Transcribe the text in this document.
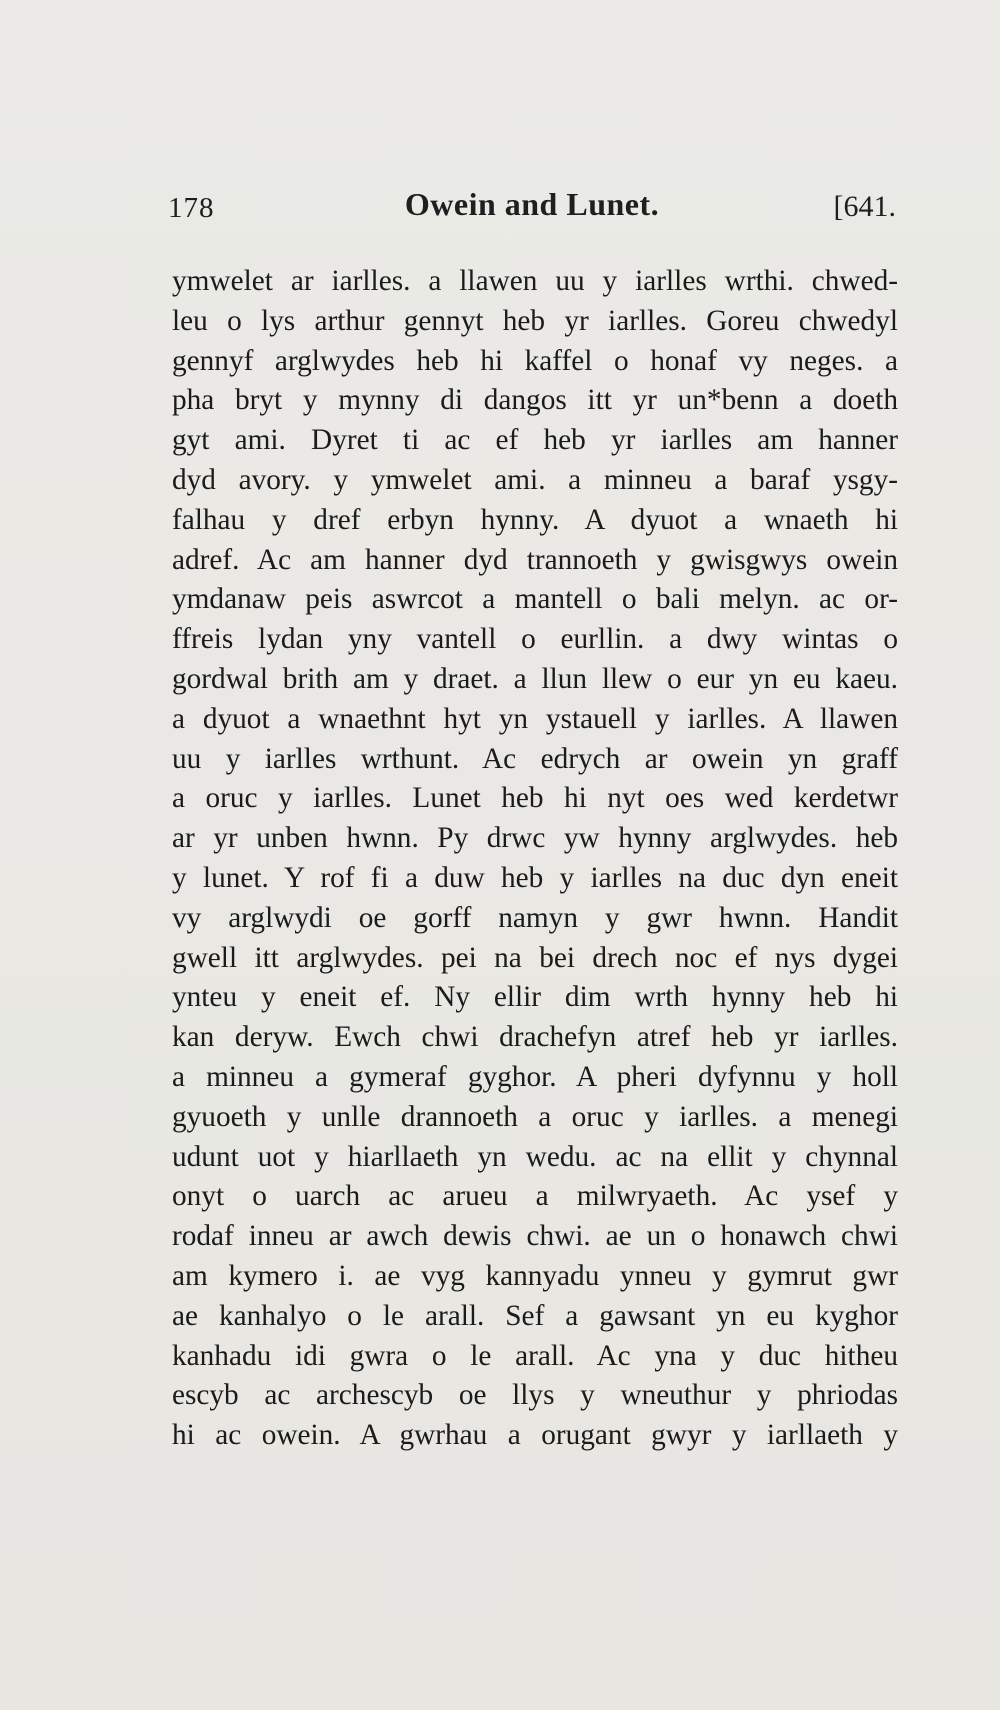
178	Owein and Lunet.	[641.
ymwelet ar iarlles. a llawen uu y iarlles wrthi. chwed-
leu o lys arthur gennyt heb yr iarlles. Goreu chwedyl
gennyf arglwydes heb hi kaffel o honaf vy neges. a
pha bryt y mynny di dangos itt yr un*benn a doeth
gyt ami. Dyret ti ac ef heb yr iarlles am hanner
dyd avory. y ymwelet ami. a minneu a baraf ysgy-
falhau y dref erbyn hynny. A dyuot a wnaeth hi
adref. Ac am hanner dyd trannoeth y gwisgwys owein
ymdanaw peis aswrcot a mantell o bali melyn. ac or-
ffreis lydan yny vantell o eurllin. a dwy wintas o
gordwal brith am y draet. a llun llew o eur yn eu kaeu.
a dyuot a wnaethnt hyt yn ystauell y iarlles. A llawen
uu y iarlles wrthunt. Ac edrych ar owein yn graff
a oruc y iarlles. Lunet heb hi nyt oes wed kerdetwr
ar yr unben hwnn. Py drwc yw hynny arglwydes. heb
y lunet. Y rof fi a duw heb y iarlles na duc dyn eneit
vy arglwydi oe gorff namyn y gwr hwnn. Handit
gwell itt arglwydes. pei na bei drech noc ef nys dygei
ynteu y eneit ef. Ny ellir dim wrth hynny heb hi
kan deryw. Ewch chwi drachefyn atref heb yr iarlles.
a minneu a gymeraf gyghor. A pheri dyfynnu y holl
gyuoeth y unlle drannoeth a oruc y iarlles. a menegi
udunt uot y hiarllaeth yn wedu. ac na ellit y chynnal
onyt o uarch ac arueu a milwryaeth. Ac ysef y
rodaf inneu ar awch dewis chwi. ae un o honawch chwi
am kymero i. ae vyg kannyadu ynneu y gymrut gwr
ae kanhalyo o le arall. Sef a gawsant yn eu kyghor
kanhadu idi gwra o le arall. Ac yna y duc hitheu
escyb ac archescyb oe llys y wneuthur y phriodas
hi ac owein. A gwrhau a orugant gwyr y iarllaeth y
